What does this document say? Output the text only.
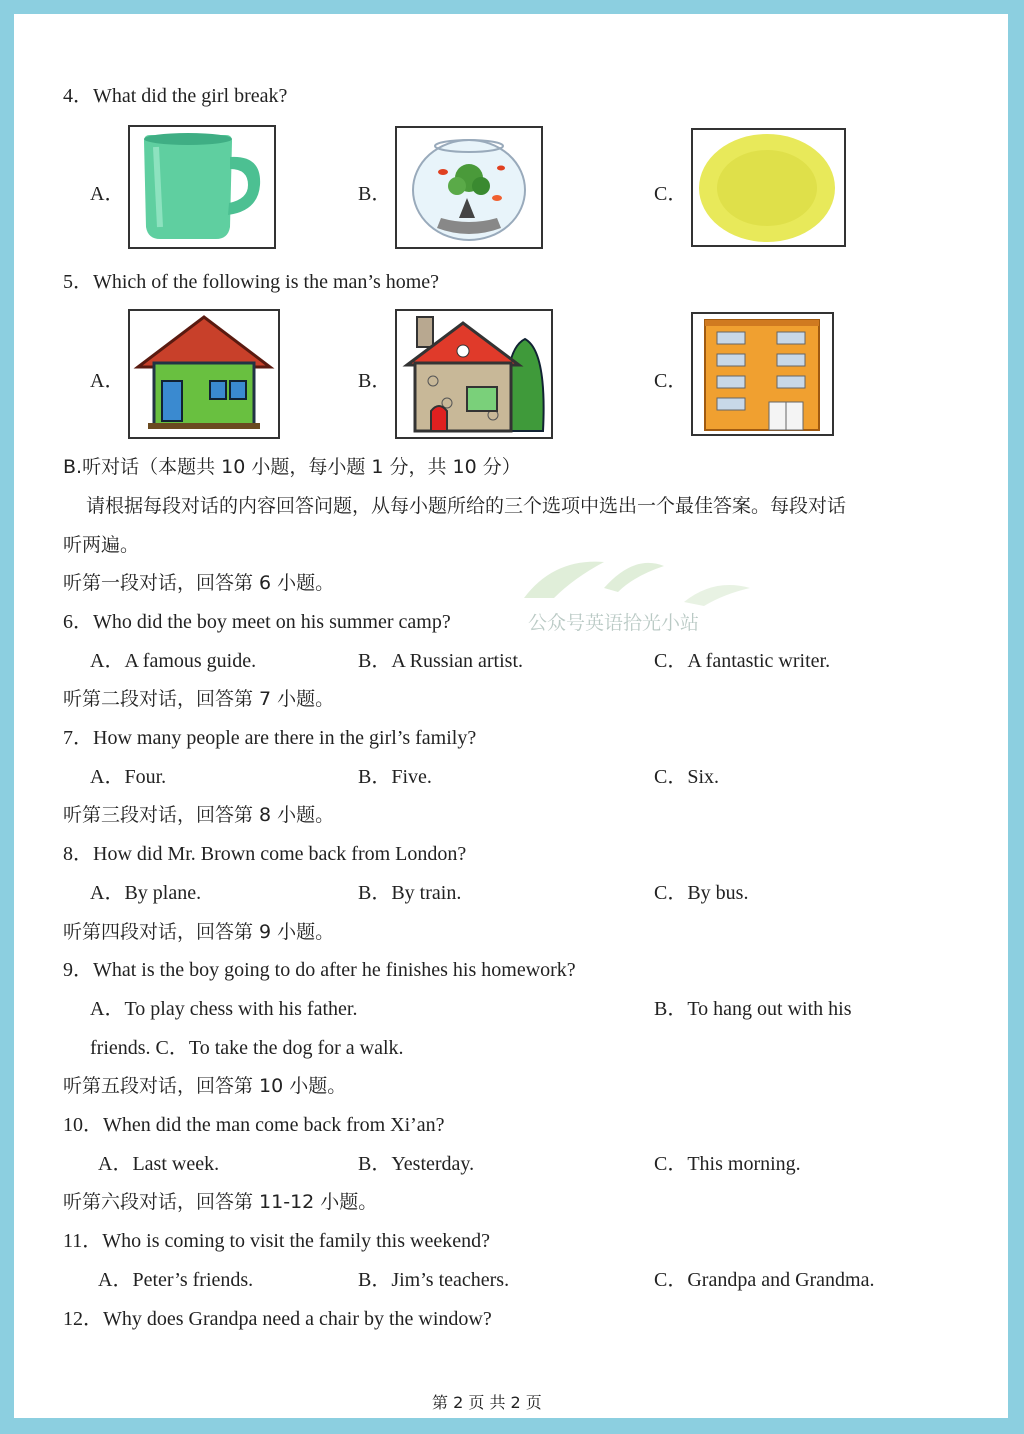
4．What did the girl break?
A．	B．	C．
5．Which of the following is the man’s home?
A．	B．	C．
B.听对话（本题共 10 小题，每小题 1 分，共 10 分）
请根据每段对话的内容回答问题，从每小题所给的三个选项中选出一个最佳答案。每段对话
听两遍。
公众号英语拾光小站
听第一段对话，回答第 6 小题。
6．Who did the boy meet on his summer camp?
A．A famous guide.	B．A Russian artist.	C．A fantastic writer.
听第二段对话，回答第 7 小题。
7．How many people are there in the girl’s family?
A．Four.	B．Five.	C．Six.
听第三段对话，回答第 8 小题。
8．How did Mr. Brown come back from London?
A．By plane.	B．By train.	C．By bus.
听第四段对话，回答第 9 小题。
9．What is the boy going to do after he finishes his homework?
A．To play chess with his father.	B．To hang out with his
friends. C．To take the dog for a walk.
听第五段对话，回答第 10 小题。
10．When did the man come back from Xi’an?
A．Last week.	B．Yesterday.	C．This morning.
听第六段对话，回答第 11-12 小题。
11．Who is coming to visit the family this weekend?
A．Peter’s friends.	B．Jim’s teachers.	C．Grandpa and Grandma.
12．Why does Grandpa need a chair by the window?
第 2 页 共 2 页
